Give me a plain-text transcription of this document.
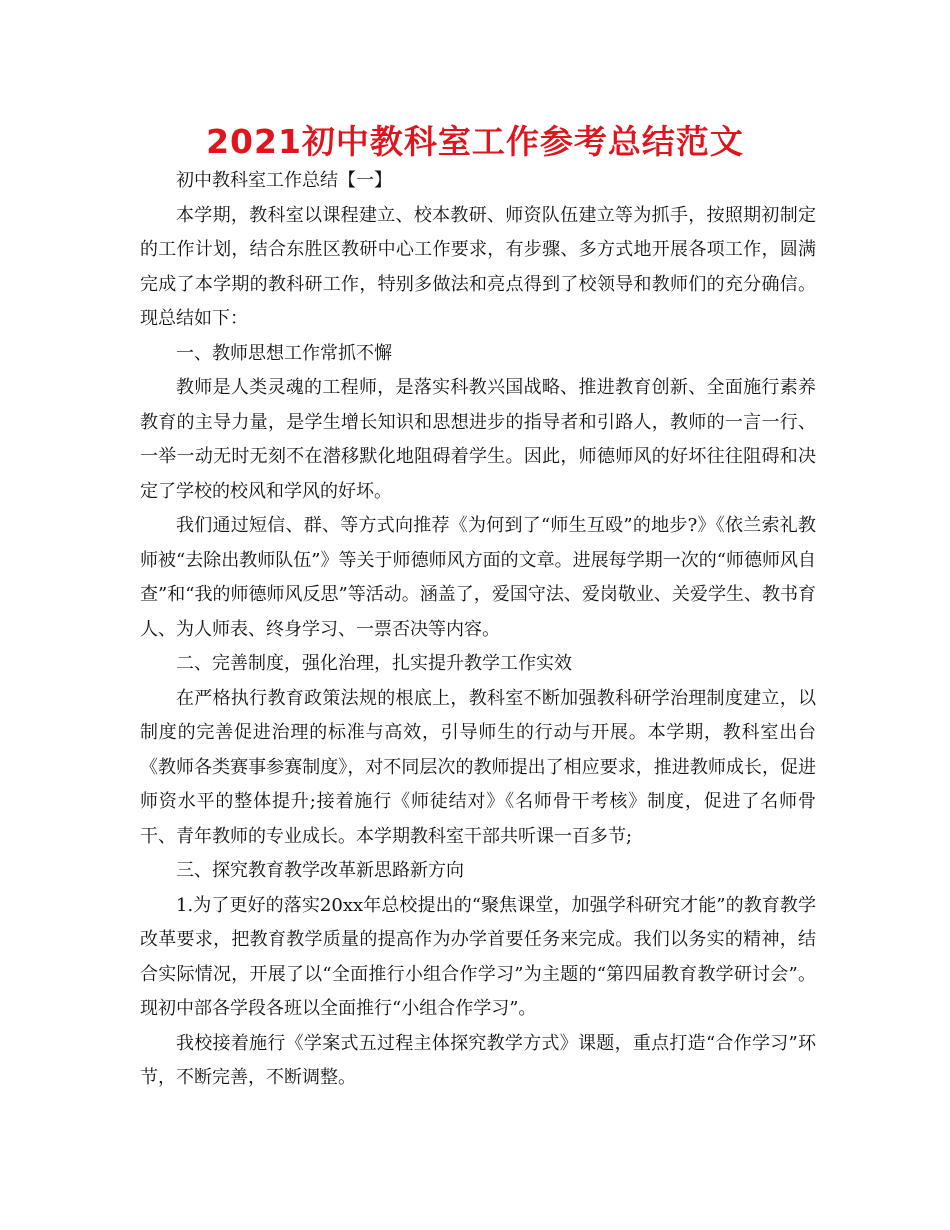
2021初中教科室工作参考总结范文

初中教科室工作总结【一】

本学期，教科室以课程建立、校本教研、师资队伍建立等为抓手，按照期初制定的工作计划，结合东胜区教研中心工作要求，有步骤、多方式地开展各项工作，圆满完成了本学期的教科研工作，特别多做法和亮点得到了校领导和教师们的充分确信。现总结如下：

一、教师思想工作常抓不懈

教师是人类灵魂的工程师，是落实科教兴国战略、推进教育创新、全面施行素养教育的主导力量，是学生增长知识和思想进步的指导者和引路人，教师的一言一行、一举一动无时无刻不在潜移默化地阻碍着学生。因此，师德师风的好坏往往阻碍和决定了学校的校风和学风的好坏。

我们通过短信、群、等方式向推荐《为何到了“师生互殴”的地步?》《依兰索礼教师被“去除出教师队伍”》等关于师德师风方面的文章。进展每学期一次的“师德师风自查”和“我的师德师风反思”等活动。涵盖了，爱国守法、爱岗敬业、关爱学生、教书育人、为人师表、终身学习、一票否决等内容。

二、完善制度，强化治理，扎实提升教学工作实效

在严格执行教育政策法规的根底上，教科室不断加强教科研学治理制度建立，以制度的完善促进治理的标准与高效，引导师生的行动与开展。本学期，教科室出台《教师各类赛事参赛制度》，对不同层次的教师提出了相应要求，推进教师成长，促进师资水平的整体提升;接着施行《师徒结对》《名师骨干考核》制度，促进了名师骨干、青年教师的专业成长。本学期教科室干部共听课一百多节;

三、探究教育教学改革新思路新方向

1.为了更好的落实20xx年总校提出的“聚焦课堂，加强学科研究才能”的教育教学改革要求，把教育教学质量的提高作为办学首要任务来完成。我们以务实的精神，结合实际情况，开展了以“全面推行小组合作学习”为主题的“第四届教育教学研讨会”。现初中部各学段各班以全面推行“小组合作学习”。

我校接着施行《学案式五过程主体探究教学方式》课题，重点打造“合作学习”环节，不断完善，不断调整。
